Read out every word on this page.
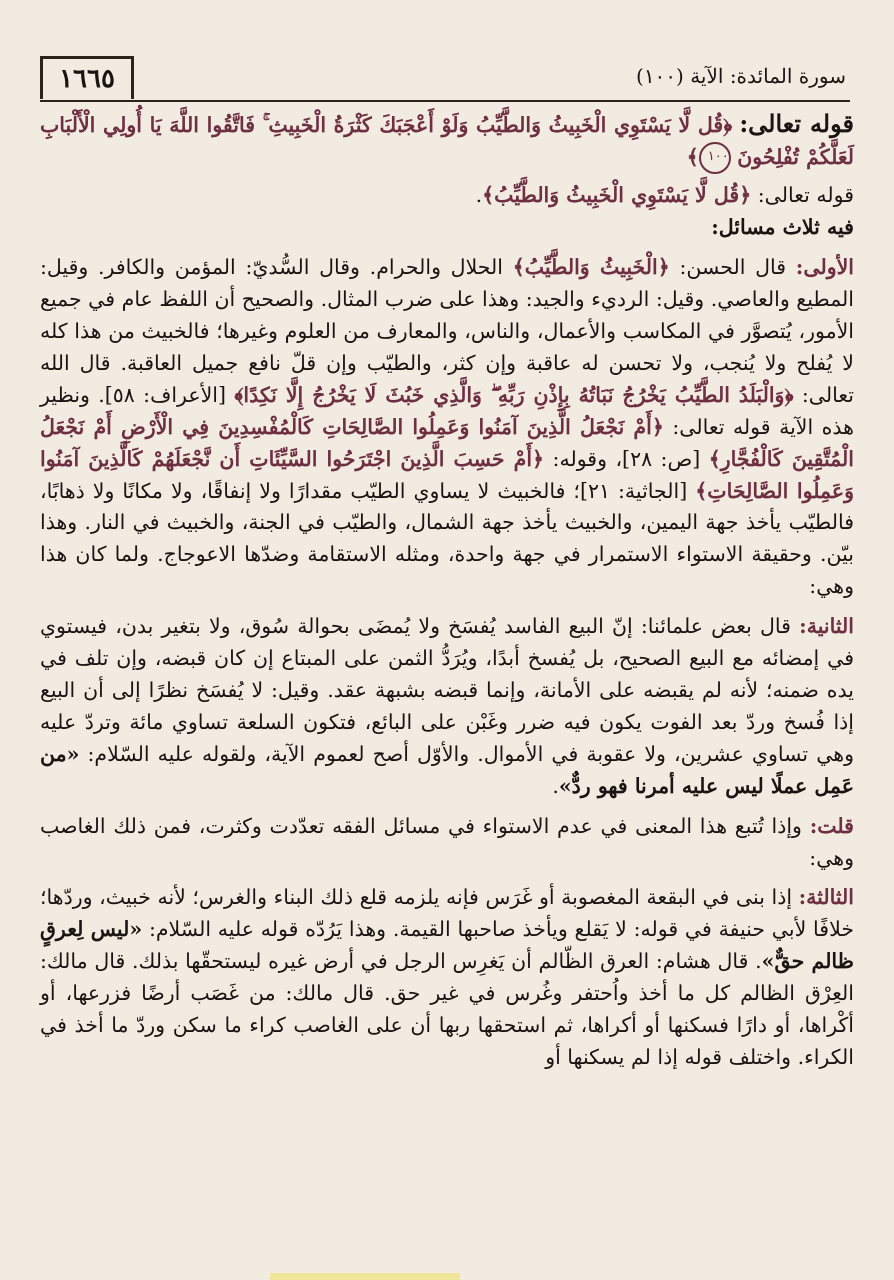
سورة المائدة: الآية (١٠٠)
١٦٦٥

قوله تعالى: ﴿قُل لَّا يَسْتَوِي الْخَبِيثُ وَالطَّيِّبُ وَلَوْ أَعْجَبَكَ كَثْرَةُ الْخَبِيثِ ۚ فَاتَّقُوا اللَّهَ يَا أُولِي الْأَلْبَابِ لَعَلَّكُمْ تُفْلِحُونَ ١٠٠﴾

قوله تعالى: ﴿قُل لَّا يَسْتَوِي الْخَبِيثُ وَالطَّيِّبُ﴾.

فيه ثلاث مسائل:

الأولى: قال الحسن: ﴿الْخَبِيثُ وَالطَّيِّبُ﴾ الحلال والحرام. وقال السُّديّ: المؤمن والكافر. وقيل: المطيع والعاصي. وقيل: الرديء والجيد: وهذا على ضرب المثال. والصحيح أن اللفظ عام في جميع الأمور، يُتصوَّر في المكاسب والأعمال، والناس، والمعارف من العلوم وغيرها؛ فالخبيث من هذا كله لا يُفلح ولا يُنجب، ولا تحسن له عاقبة وإن كثر، والطيّب وإن قلّ نافع جميل العاقبة. قال الله تعالى: ﴿وَالْبَلَدُ الطَّيِّبُ يَخْرُجُ نَبَاتُهُ بِإِذْنِ رَبِّهِ ۖ وَالَّذِي خَبُثَ لَا يَخْرُجُ إِلَّا نَكِدًا﴾ [الأعراف: ٥٨]. ونظير هذه الآية قوله تعالى: ﴿أَمْ نَجْعَلُ الَّذِينَ آمَنُوا وَعَمِلُوا الصَّالِحَاتِ كَالْمُفْسِدِينَ فِي الْأَرْضِ أَمْ نَجْعَلُ الْمُتَّقِينَ كَالْفُجَّارِ﴾ [ص: ٢٨]، وقوله: ﴿أَمْ حَسِبَ الَّذِينَ اجْتَرَحُوا السَّيِّئَاتِ أَن نَّجْعَلَهُمْ كَالَّذِينَ آمَنُوا وَعَمِلُوا الصَّالِحَاتِ﴾ [الجاثية: ٢١]؛ فالخبيث لا يساوي الطيّب مقدارًا ولا إنفاقًا، ولا مكانًا ولا ذهابًا، فالطيّب يأخذ جهة اليمين، والخبيث يأخذ جهة الشمال، والطيّب في الجنة، والخبيث في النار. وهذا بيّن. وحقيقة الاستواء الاستمرار في جهة واحدة، ومثله الاستقامة وضدّها الاعوجاج. ولما كان هذا وهي:

الثانية: قال بعض علمائنا: إنّ البيع الفاسد يُفسَخ ولا يُمضَى بحوالة سُوق، ولا بتغير بدن، فيستوي في إمضائه مع البيع الصحيح، بل يُفسخ أبدًا، ويُرَدُّ الثمن على المبتاع إن كان قبضه، وإن تلف في يده ضمنه؛ لأنه لم يقبضه على الأمانة، وإنما قبضه بشبهة عقد. وقيل: لا يُفسَخ نظرًا إلى أن البيع إذا فُسخ وردّ بعد الفوت يكون فيه ضرر وغَبْن على البائع، فتكون السلعة تساوي مائة وتردّ عليه وهي تساوي عشرين، ولا عقوبة في الأموال. والأوّل أصح لعموم الآية، ولقوله عليه السّلام: «من عَمِل عملًا ليس عليه أمرنا فهو ردٌّ».

قلت: وإذا تُتبع هذا المعنى في عدم الاستواء في مسائل الفقه تعدّدت وكثرت، فمن ذلك الغاصب وهي:

الثالثة: إذا بنى في البقعة المغصوبة أو غَرَس فإنه يلزمه قلع ذلك البناء والغرس؛ لأنه خبيث، وردّها؛ خلافًا لأبي حنيفة في قوله: لا يَقلع ويأخذ صاحبها القيمة. وهذا يَرُدّه قوله عليه السّلام: «ليس لِعرقٍ ظالم حقٌّ». قال هشام: العرق الظّالم أن يَغرِس الرجل في أرض غيره ليستحقّها بذلك. قال مالك: العِرْق الظالم كل ما أخذ واُحتفر وغُرس في غير حق. قال مالك: من غَصَب أرضًا فزرعها، أو أكْراها، أو دارًا فسكنها أو أكراها، ثم استحقها ربها أن على الغاصب كراء ما سكن وردّ ما أخذ في الكراء. واختلف قوله إذا لم يسكنها أو
